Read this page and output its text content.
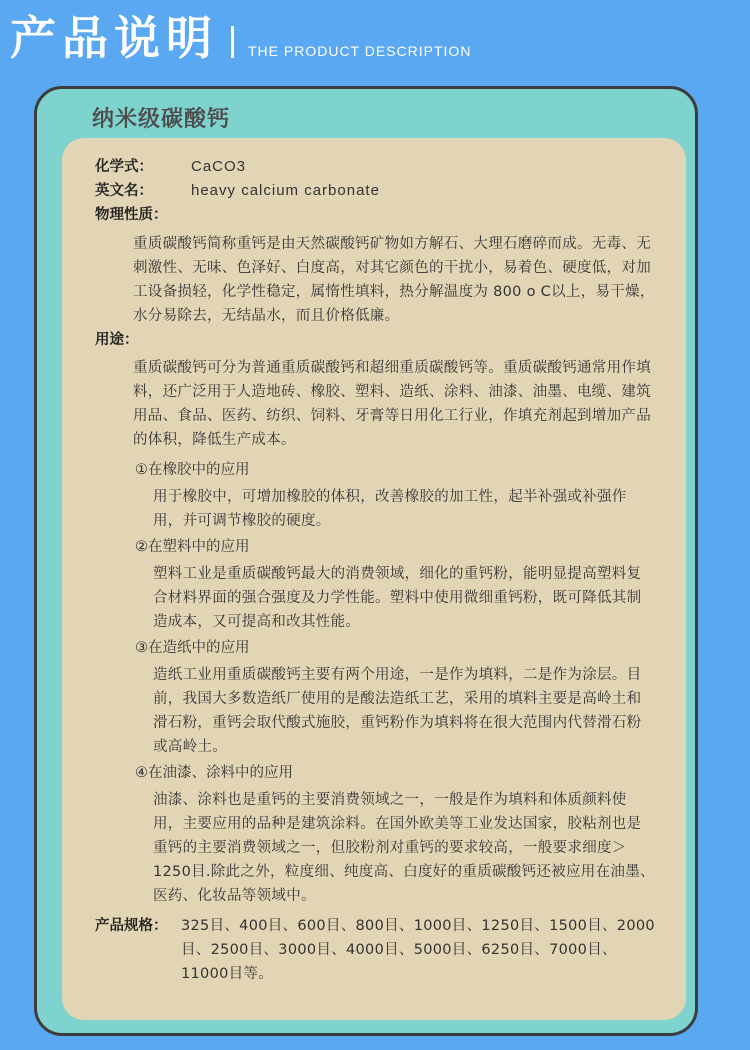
产品说明 THE PRODUCT DESCRIPTION
纳米级碳酸钙
化学式：	CaCO3
英文名：	heavy calcium carbonate
物理性质：
重质碳酸钙简称重钙是由天然碳酸钙矿物如方解石、大理石磨碎而成。无毒、无刺激性、无味、色泽好、白度高，对其它颜色的干扰小，易着色、硬度低，对加工设备损轻，化学性稳定，属惰性填料，热分解温度为 800 o C以上，易干燥，水分易除去，无结晶水，而且价格低廉。
用途：
重质碳酸钙可分为普通重质碳酸钙和超细重质碳酸钙等。重质碳酸钙通常用作填料，还广泛用于人造地砖、橡胶、塑料、造纸、涂料、油漆、油墨、电缆、建筑用品、食品、医药、纺织、饲料、牙膏等日用化工行业，作填充剂起到增加产品的体积，降低生产成本。
①在橡胶中的应用
用于橡胶中，可增加橡胶的体积，改善橡胶的加工性，起半补强或补强作用，并可调节橡胶的硬度。
②在塑料中的应用
塑料工业是重质碳酸钙最大的消费领域，细化的重钙粉，能明显提高塑料复合材料界面的强合强度及力学性能。塑料中使用微细重钙粉，既可降低其制造成本，又可提高和改其性能。
③在造纸中的应用
造纸工业用重质碳酸钙主要有两个用途，一是作为填料，二是作为涂层。目前，我国大多数造纸厂使用的是酸法造纸工艺，采用的填料主要是高岭土和滑石粉，重钙会取代酸式施胶，重钙粉作为填料将在很大范围内代替滑石粉或高岭土。
④在油漆、涂料中的应用
油漆、涂料也是重钙的主要消费领域之一，一般是作为填料和体质颜料使用，主要应用的品种是建筑涂料。在国外欧美等工业发达国家，胶粘剂也是重钙的主要消费领域之一，但胶粉剂对重钙的要求较高，一般要求细度＞ 1250目.除此之外，粒度细、纯度高、白度好的重质碳酸钙还被应用在油墨、医药、化妆品等领域中。
产品规格： 325目、400目、600目、800目、1000目、1250目、1500目、2000目、2500目、3000目、4000目、5000目、6250目、7000目、11000目等。
